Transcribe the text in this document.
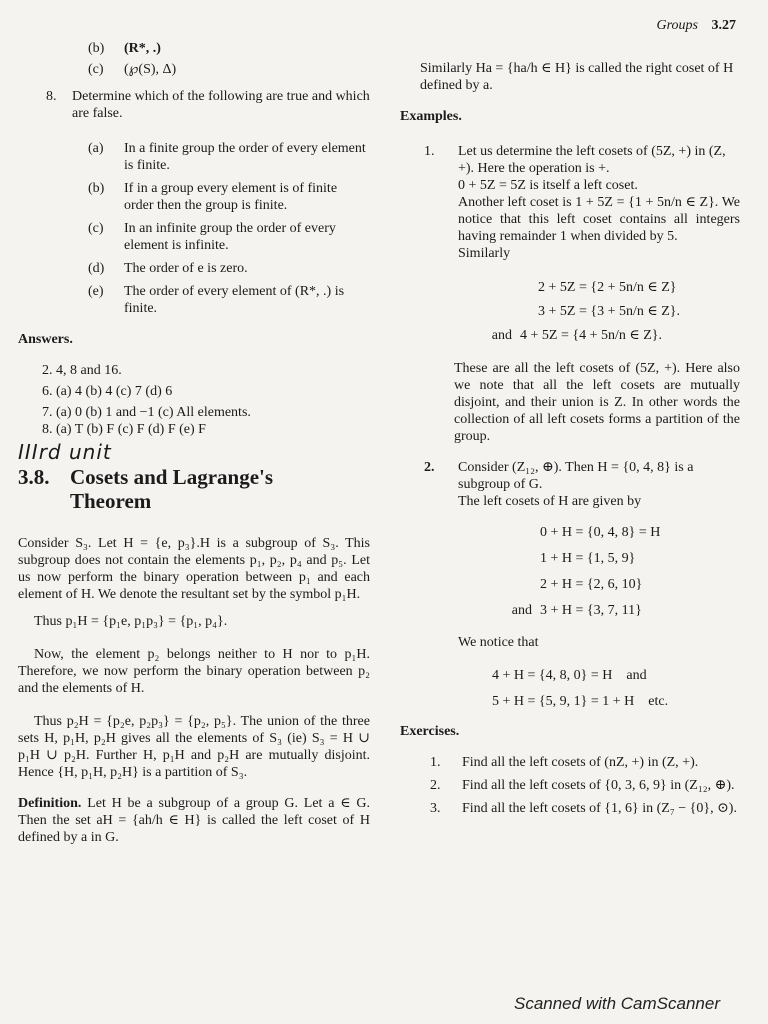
Groups 3.27
(b)	(R*, .)
(c)	(℘(S), Δ)
8.	Determine which of the following are true and which are false.
(a)	In a finite group the order of every element is finite.
(b)	If in a group every element is of finite order then the group is finite.
(c)	In an infinite group the order of every element is infinite.
(d)	The order of e is zero.
(e)	The order of every element of (R*, .) is finite.
Answers.
2. 4, 8 and 16.
6. (a) 4 (b) 4 (c) 7 (d) 6
7. (a) 0 (b) 1 and −1 (c) All elements.
8. (a) T (b) F (c) F (d) F (e) F
IIIrd unit
3.8. Cosets and Lagrange's
Theorem

Consider S₃. Let H = {e, p₃}.H is a subgroup of S₃. This subgroup does not contain the elements p₁, p₂, p₄ and p₅. Let us now perform the binary operation between p₁ and each element of H. We denote the resultant set by the symbol p₁H.

Thus p₁H = {p₁e, p₁p₃} = {p₁, p₄}.

Now, the element p₂ belongs neither to H nor to p₁H. Therefore, we now perform the binary operation between p₂ and the elements of H.

Thus p₂H = {p₂e, p₂p₃} = {p₂, p₅}. The union of the three sets H, p₁H, p₂H gives all the elements of S₃ (ie) S₃ = H ∪ p₁H ∪ p₂H. Further H, p₁H and p₂H are mutually disjoint. Hence {H, p₁H, p₂H} is a partition of S₃.

Definition. Let H be a subgroup of a group G. Let a ∈ G. Then the set aH = {ah/h ∈ H} is called the left coset of H defined by a in G.

Similarly Ha = {ha/h ∈ H} is called the right coset of H defined by a.

Examples.
1.	Let us determine the left cosets of (5Z, +) in (Z, +). Here the operation is +.
0 + 5Z = 5Z is itself a left coset.
Another left coset is 1 + 5Z = {1 + 5n/n ∈ Z}. We notice that this left coset contains all integers having remainder 1 when divided by 5.
Similarly
2 + 5Z = {2 + 5n/n ∈ Z}
3 + 5Z = {3 + 5n/n ∈ Z}.
and 4 + 5Z = {4 + 5n/n ∈ Z}.

These are all the left cosets of (5Z, +). Here also we note that all the left cosets are mutually disjoint, and their union is Z. In other words the collection of all left cosets forms a partition of the group.

2.	Consider (Z₁₂, ⊕). Then H = {0, 4, 8} is a subgroup of G.
The left cosets of H are given by
0 + H = {0, 4, 8} = H
1 + H = {1, 5, 9}
2 + H = {2, 6, 10}
and 3 + H = {3, 7, 11}
We notice that
4 + H = {4, 8, 0} = H and
5 + H = {5, 9, 1} = 1 + H etc.
Exercises.
1.	Find all the left cosets of (nZ, +) in (Z, +).
2.	Find all the left cosets of {0, 3, 6, 9} in (Z₁₂, ⊕).
3.	Find all the left cosets of {1, 6} in (Z₇ − {0}, ⊙).
Scanned with CamScanner
